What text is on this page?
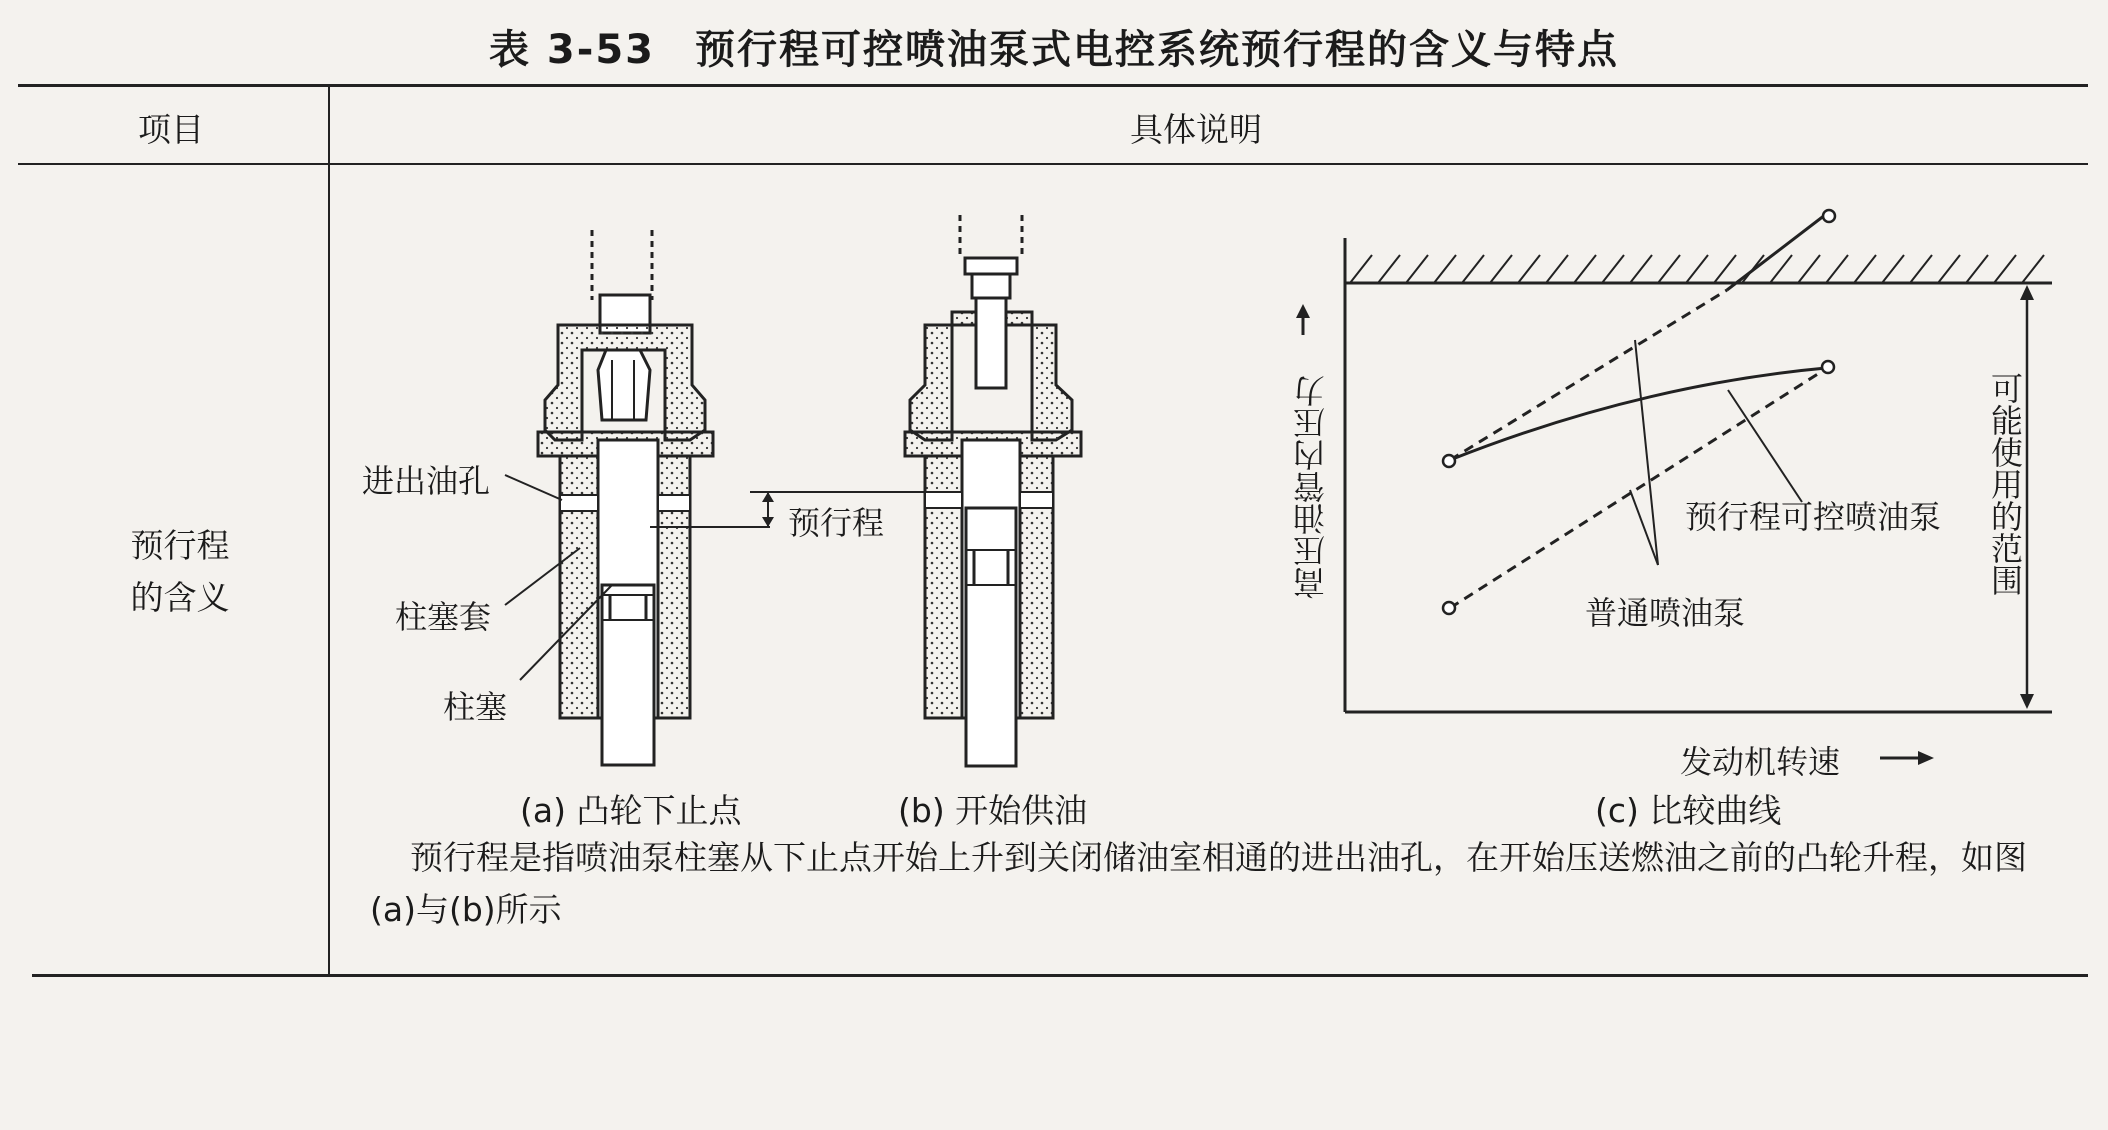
表 3-53 预行程可控喷油泵式电控系统预行程的含义与特点
项目	具体说明
预行程
的含义
进出油孔
预行程
柱塞套
柱塞
高压油管内压力	可能使用的范围
发动机转速
预行程可控喷油泵
普通喷油泵
(a) 凸轮下止点	(b) 开始供油	(c) 比较曲线
预行程是指喷油泵柱塞从下止点开始上升到关闭储油室相通的进出油孔，在开始压送燃油之前的凸轮升程，如图(a)与(b)所示
